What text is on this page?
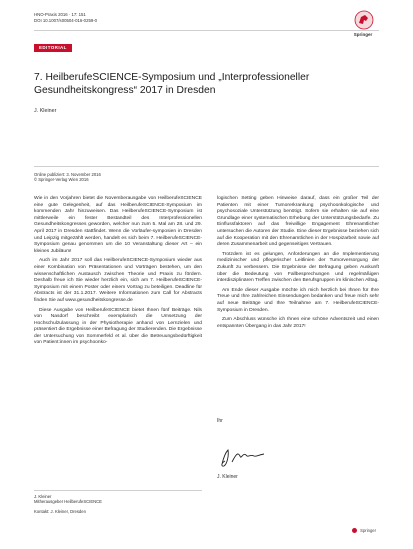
HNO-Praxis 2016 · 17: 151
DOI 10.1007/s00504-016-0259-0
Springer
EDITORIAL
7. HeilberufeSCIENCE-Symposium und „Interprofessioneller Gesundheitskongress“ 2017 in Dresden
J. Kleiner
Online publiziert: 3. November 2016
© Springer-Verlag Wien 2016

Wie in den Vorjahren bietet die Novemberausgabe von HeilberufeSCIENCE eine gute Gelegenheit, auf das HeilberufeSCIENCE-Symposium im kommenden Jahr hinzuweisen. Das HeilberufeSCIENCE-Symposium ist mittlerweile ein fester Bestandteil des Interprofessionellen Gesundheitskongresses geworden, welcher nun zum 5. Mal am 28. und 29. April 2017 in Dresden stattfindet. Wenn die Vorläufer-symposien in Dresden und Leipzig mitgezählt werden, handelt es sich beim 7. HeilberufeSCIENCE-Symposium genau genommen um die 10 Veranstaltung dieser Art – ein kleines Jubiläum!

Auch im Jahr 2017 soll das HeilberufeSCIENCE-Symposium wieder aus einer Kombination von Präsentationen und Vorträgen bestehen, um den wissenschaftlichen Austausch zwischen Theorie und Praxis zu fördern. Deshalb freue ich Sie wieder herzlich ein, sich am 7. HeilberufeSCIENCE-Symposium mit einem Poster oder einem Vortrag zu beteiligen. Deadline für Abstracts ist der 31.1.2017. Weitere Informationen zum Call for Abstracts finden Sie auf www.gesundheitskongresse.de

Diese Ausgabe von HeilberufeSCIENCE bietet Ihnen fünf Beiträge. Nils von Nasdorf beschreibt exemplarisch die Umsetzung der Hochschulzulassung in der Physiotherapie anhand von Lernzielen und präsentiert die Ergebnisse einer Befragung der Studierenden. Die Ergebnisse der Untersuchung von Sommerfeld et al. über die Betreuungsbedürftigkeit von Patient:innen im psychoonko-

logischen Setting geben Hinweise darauf, dass ein großer Teil der Patienten mit einer Tumorerkrankung psychoonkologische und psychosoziale Unterstützung benötigt. Sofern sie erhalten sie auf eine Grundlage einer systematischen Erhebung der Unterstützungsbedarfe. Zu Einflussfaktoren auf das freiwillige Engagement Ehrenamtlicher untersuchen die Autoren der Studie. Eine dieser Ergebnisse beziehen sich auf die Kooperation mit den Ehrenamtlichen in der Hospizarbeit sowie auf deren Zusammenarbeit und gegenseitiges Vertrauen.

Trotzdem ist es gelungen, Anforderungen an die Implementierung medizinischer und pflegerischer Leitlinien der Tumorversorgung der Zukunft zu verbessern. Die Ergebnisse der Befragung geben Auskunft über die Bedeutung von Fallbesprechungen und regelmäßigen interdisziplinären Treffen zwischen den Berufsgruppen im klinischen Alltag.

Am Ende dieser Ausgabe möchte ich mich herzlich bei Ihnen für Ihre Treue und Ihre zahlreichen Einsendungen bedanken und freue mich sehr auf neue Beiträge und Ihre Teilnahme am 7. HeilberufeSCIENCE-Symposium in Dresden.

Zum Abschluss wünsche ich Ihnen eine schöne Adventszeit und einen entspannten Übergang in das Jahr 2017!

Ihr
J. Kleiner
J. Kleiner
Mitherausgeber HeilberufeSCIENCE
Kontakt: J. Kleiner, Dresden
Springer
